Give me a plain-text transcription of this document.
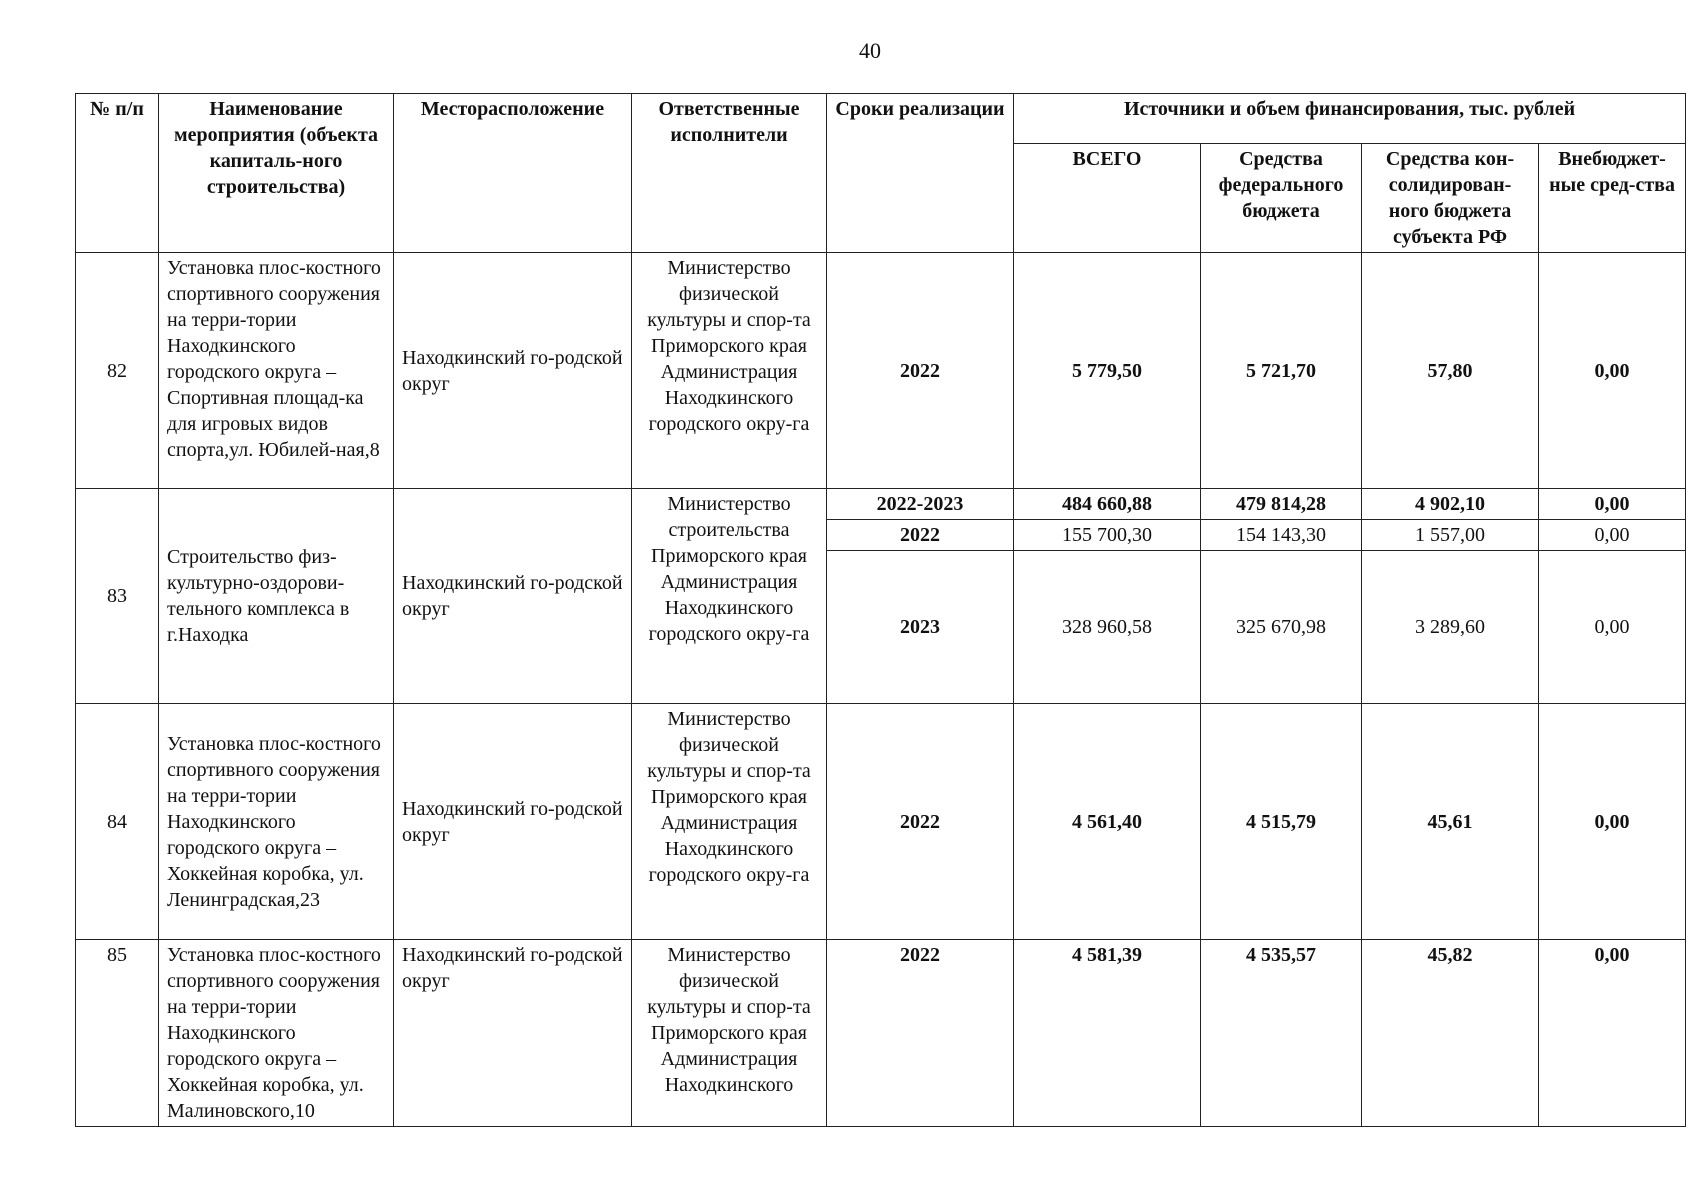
40
№ п/п	Наименование мероприятия (объекта капиталь-ного строительства)	Месторасположение	Ответственные исполнители	Сроки реализации	Источники и объем финансирования, тыс. рублей			
					ВСЕГО	Средства федерального бюджета	Средства кон-солидирован-ного бюджета субъекта РФ	Внебюджет-ные сред-ства
82	Установка плос-костного спортивного сооружения на терри-тории Находкинского городского округа – Спортивная площад-ка для игровых видов спорта,ул. Юбилей-ная,8	Находкинский го-родской округ	Министерство физической культуры и спор-та Приморского края Администрация Находкинского городского окру-га	2022	5 779,50	5 721,70	57,80	0,00
83	Строительство физ-культурно-оздорови-тельного комплекса в г.Находка	Находкинский го-родской округ	Министерство строительства Приморского края Администрация Находкинского городского окру-га	2022-2023	484 660,88	479 814,28	4 902,10	0,00
				2022	155 700,30	154 143,30	1 557,00	0,00
				2023	328 960,58	325 670,98	3 289,60	0,00
84	Установка плос-костного спортивного сооружения на терри-тории Находкинского городского округа – Хоккейная коробка, ул. Ленинградская,23	Находкинский го-родской округ	Министерство физической культуры и спор-та Приморского края Администрация Находкинского городского окру-га	2022	4 561,40	4 515,79	45,61	0,00
85	Установка плос-костного спортивного сооружения на терри-тории Находкинского городского округа – Хоккейная коробка, ул. Малиновского,10	Находкинский го-родской округ	Министерство физической культуры и спор-та Приморского края Администрация Находкинского	2022	4 581,39	4 535,57	45,82	0,00
